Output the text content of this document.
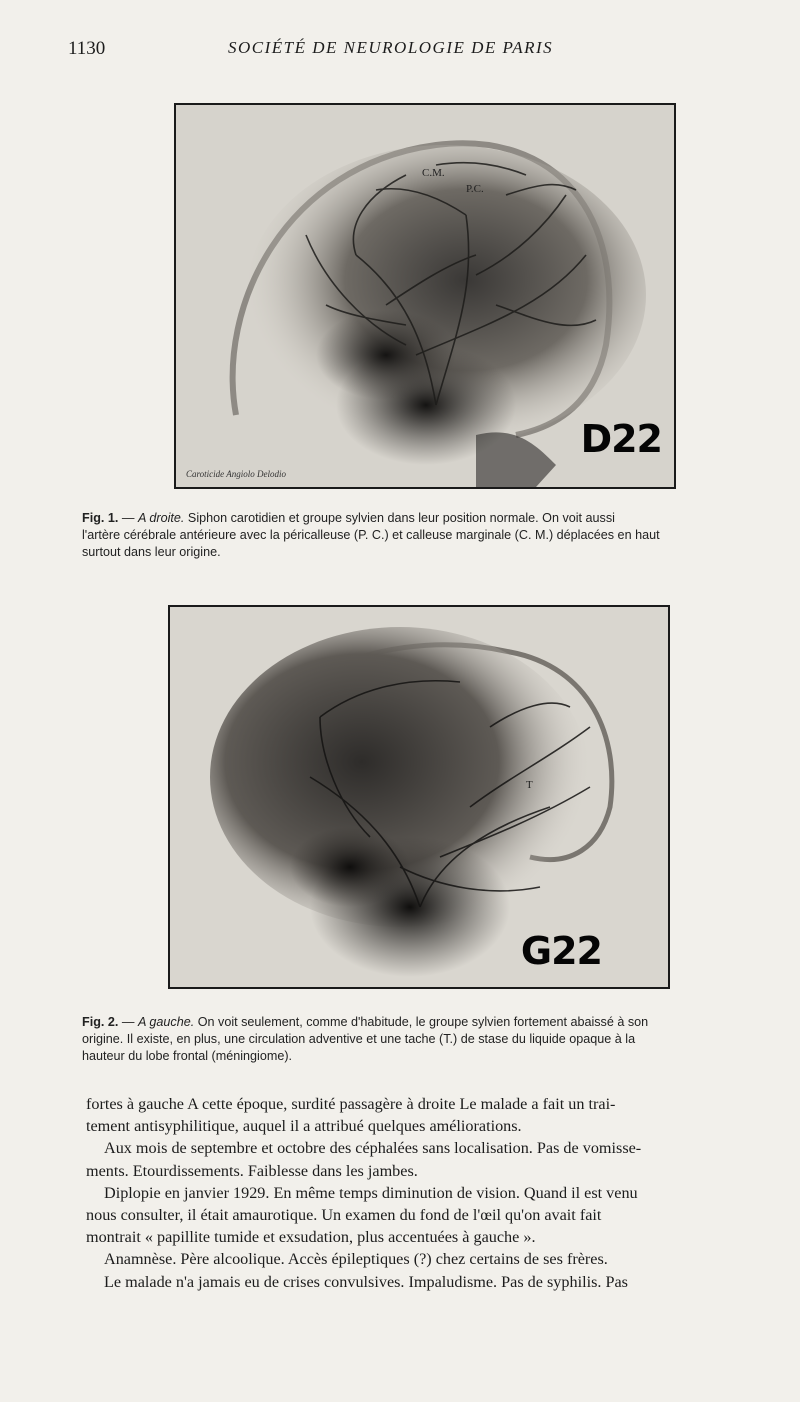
1130	SOCIÉTÉ DE NEUROLOGIE DE PARIS
C.M.
P.C.
Caroticide Angiolo Delodio
D22
Fig. 1. — A droite. Siphon carotidien et groupe sylvien dans leur position normale. On voit aussi
l'artère cérébrale antérieure avec la péricalleuse (P. C.) et calleuse marginale (C. M.) déplacées en haut
surtout dans leur origine.
T
G22
Fig. 2. — A gauche. On voit seulement, comme d'habitude, le groupe sylvien fortement abaissé à son
origine. Il existe, en plus, une circulation adventive et une tache (T.) de stase du liquide opaque à la
hauteur du lobe frontal (méningiome).
fortes à gauche A cette époque, surdité passagère à droite Le malade a fait un trai-
tement antisyphilitique, auquel il a attribué quelques améliorations.
Aux mois de septembre et octobre des céphalées sans localisation. Pas de vomisse-
ments. Etourdissements. Faiblesse dans les jambes.
Diplopie en janvier 1929. En même temps diminution de vision. Quand il est venu
nous consulter, il était amaurotique. Un examen du fond de l'œil qu'on avait fait
montrait « papillite tumide et exsudation, plus accentuées à gauche ».
Anamnèse. Père alcoolique. Accès épileptiques (?) chez certains de ses frères.
Le malade n'a jamais eu de crises convulsives. Impaludisme. Pas de syphilis. Pas
